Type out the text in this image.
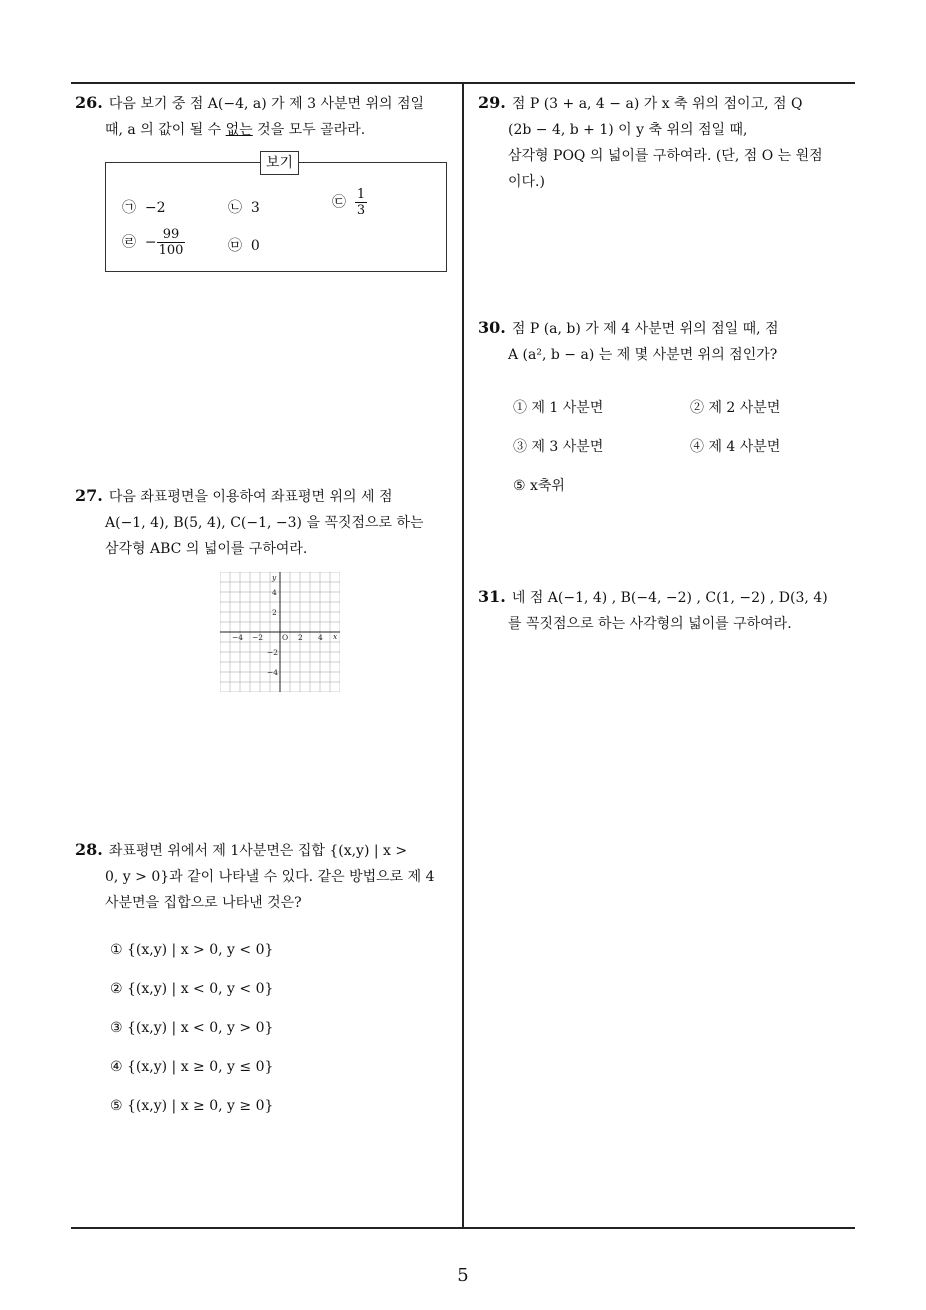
26. 다음 보기 중 점 A(−4, a) 가 제 3 사분면 위의 점일
때, a 의 값이 될 수 없는 것을 모두 골라라.
보기
㉠ −2	㉡ 3	㉢ $\frac{1}{3}$
㉣ − $\frac{99}{100}$	㉤ 0
27. 다음 좌표평면을 이용하여 좌표평면 위의 세 점
A(−1, 4), B(5, 4), C(−1, −3) 을 꼭짓점으로 하는
삼각형 ABC 의 넓이를 구하여라.
−4 −2	O 2 4 x
y
4
2
−2
−4
28. 좌표평면 위에서 제 1사분면은 집합 {(x,y) | x >
0, y > 0}과 같이 나타낼 수 있다. 같은 방법으로 제 4
사분면을 집합으로 나타낸 것은?
① {(x,y) | x > 0, y < 0}
② {(x,y) | x < 0, y < 0}
③ {(x,y) | x < 0, y > 0}
④ {(x,y) | x ≥ 0, y ≤ 0}
⑤ {(x,y) | x ≥ 0, y ≥ 0}
29. 점 P (3 + a, 4 − a) 가 x 축 위의 점이고, 점 Q
(2b − 4, b + 1) 이 y 축 위의 점일 때,
삼각형 POQ 의 넓이를 구하여라. (단, 점 O 는 원점
이다.)
30. 점 P (a, b) 가 제 4 사분면 위의 점일 때, 점
A (a², b − a) 는 제 몇 사분면 위의 점인가?
① 제 1 사분면	② 제 2 사분면
③ 제 3 사분면	④ 제 4 사분면
⑤ x축위
31. 네 점 A(−1, 4) , B(−4, −2) , C(1, −2) , D(3, 4)
를 꼭짓점으로 하는 사각형의 넓이를 구하여라.
5
